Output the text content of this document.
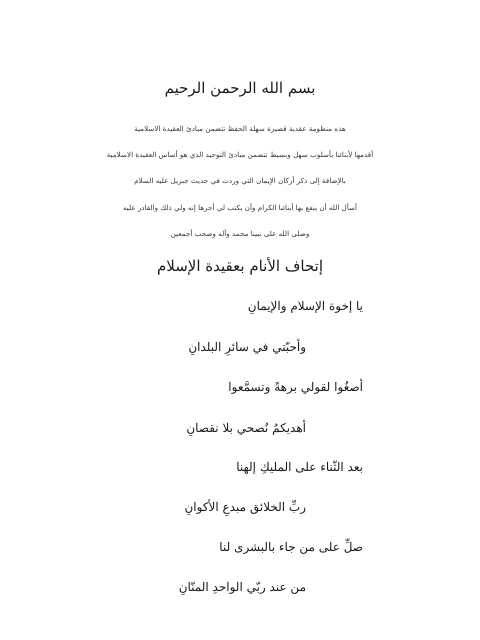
بسم الله الرحمن الرحيم
هذه منظومة عقدية قصيرة سهلة الحفظ تتضمن مبادئ العقيدة الاسلامية
أقدمها لأبنائنا بأسلوب سهل وبسيط تتضمن مبادئ التوحيد الذي هو أساس العقيدة الاسلامية
بالإضافة إلى ذكر أركان الإيمان التي وردت في حديث جبريل عليه السلام
أسأل الله أن ينفع بها أبنائنا الكرام وأن يكتب لي أجرها إنه ولي ذلك والقادر عليه
وصلى الله على نبينا محمد وآله وصحب أجمعين
إتحاف الأنام بعقيدة الإسلام
يا إخوة الإسلام والإيمانِ
وأحبّتي في سائرِ البلدانِ
أصغُوا لقولي برهةً وتسمَّعوا
أهديكمُ نُصحي بلا نقصانِ
بعد الثّناء على المليكِ إلهنا
ربِّ الخلائق مبدعِ الأكوانِ
صلِّ على من جاء بالبشرى لنا
من عند ربّي الواحدِ المنّانِ
